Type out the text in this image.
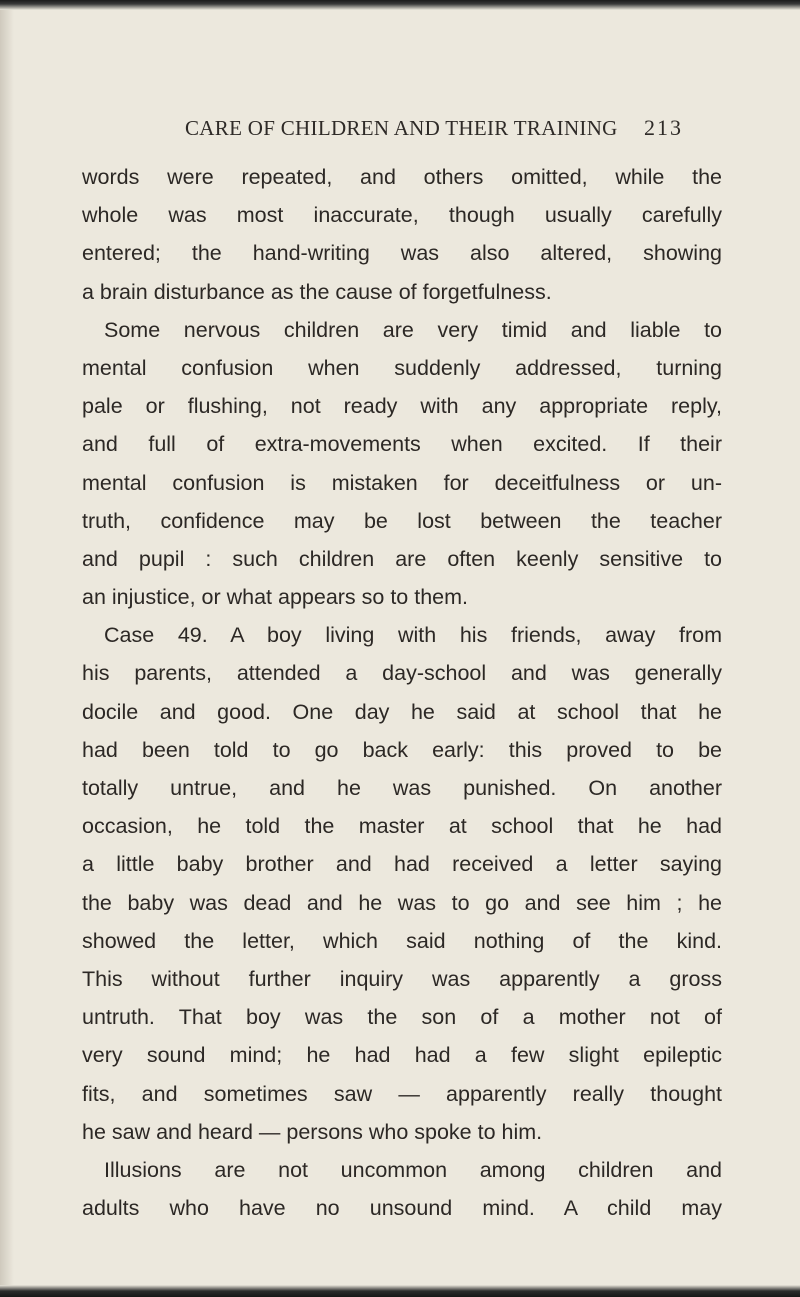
CARE OF CHILDREN AND THEIR TRAINING 213
words were repeated, and others omitted, while the
whole was most inaccurate, though usually carefully
entered; the hand-writing was also altered, showing
a brain disturbance as the cause of forgetfulness.
Some nervous children are very timid and liable to
mental confusion when suddenly addressed, turning
pale or flushing, not ready with any appropriate reply,
and full of extra-movements when excited. If their
mental confusion is mistaken for deceitfulness or un-
truth, confidence may be lost between the teacher
and pupil : such children are often keenly sensitive to
an injustice, or what appears so to them.
Case 49. A boy living with his friends, away from
his parents, attended a day-school and was generally
docile and good. One day he said at school that he
had been told to go back early: this proved to be
totally untrue, and he was punished. On another
occasion, he told the master at school that he had
a little baby brother and had received a letter saying
the baby was dead and he was to go and see him ; he
showed the letter, which said nothing of the kind.
This without further inquiry was apparently a gross
untruth. That boy was the son of a mother not of
very sound mind; he had had a few slight epileptic
fits, and sometimes saw — apparently really thought
he saw and heard — persons who spoke to him.
Illusions are not uncommon among children and
adults who have no unsound mind. A child may
